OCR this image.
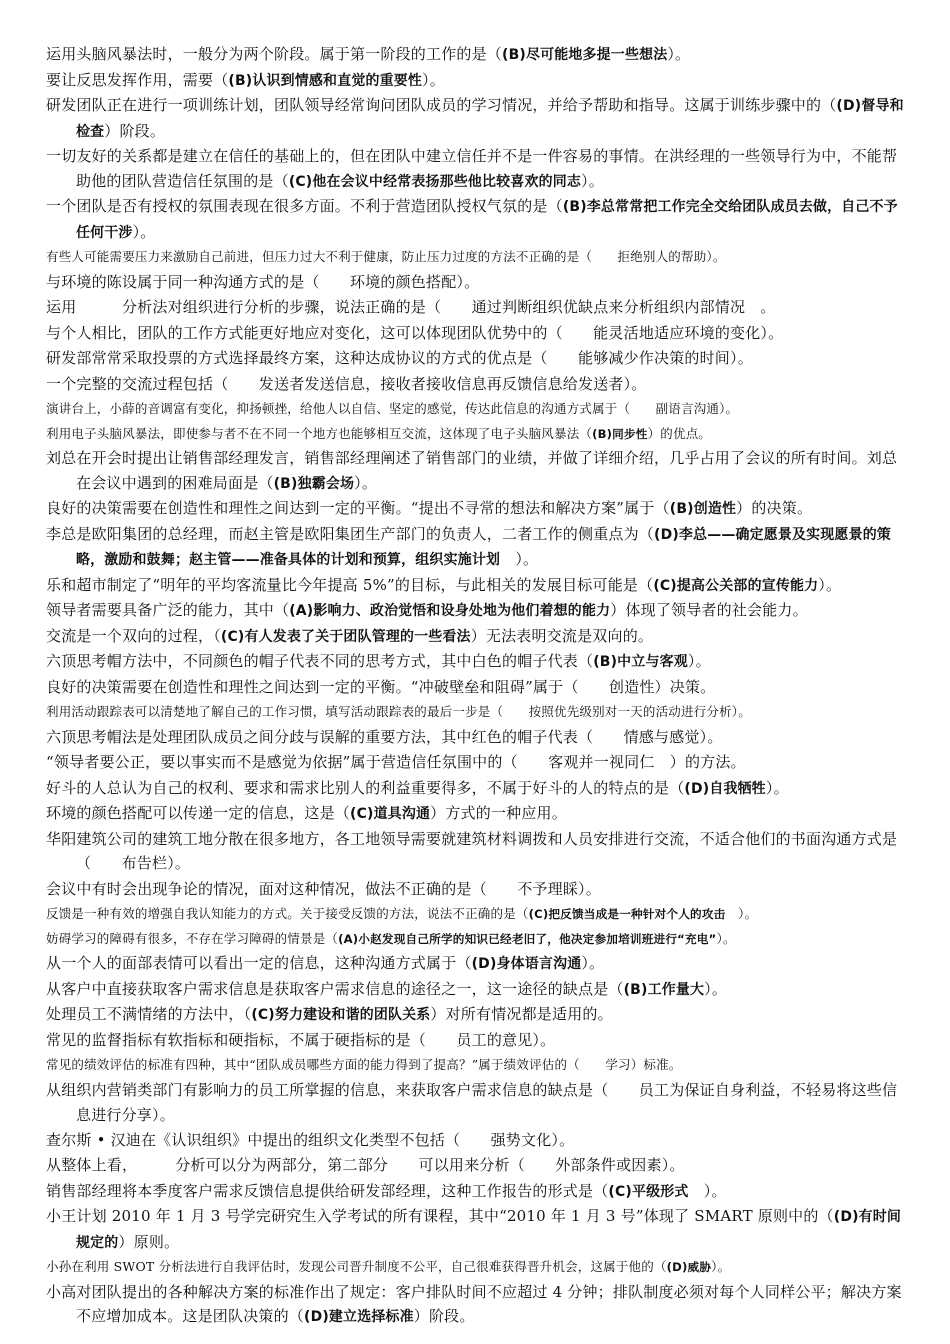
运用头脑风暴法时，一般分为两个阶段。属于第一阶段的工作的是（(B)尽可能地多提一些想法）。

要让反思发挥作用，需要（(B)认识到情感和直觉的重要性）。

研发团队正在进行一项训练计划，团队领导经常询问团队成员的学习情况，并给予帮助和指导。这属于训练步骤中的（(D)督导和检查）阶段。

一切友好的关系都是建立在信任的基础上的，但在团队中建立信任并不是一件容易的事情。在洪经理的一些领导行为中，不能帮助他的团队营造信任氛围的是（(C)他在会议中经常表扬那些他比较喜欢的同志）。

一个团队是否有授权的氛围表现在很多方面。不利于营造团队授权气氛的是（(B)李总常常把工作完全交给团队成员去做，自己不予任何干涉）。

有些人可能需要压力来激励自己前进，但压力过大不利于健康，防止压力过度的方法不正确的是（　　拒绝别人的帮助）。

与环境的陈设属于同一种沟通方式的是（　　环境的颜色搭配）。

运用　　　分析法对组织进行分析的步骤，说法正确的是（　　通过判断组织优缺点来分析组织内部情况　。

与个人相比，团队的工作方式能更好地应对变化，这可以体现团队优势中的（　　能灵活地适应环境的变化）。

研发部常常采取投票的方式选择最终方案，这种达成协议的方式的优点是（　　能够减少作决策的时间）。

一个完整的交流过程包括（　　发送者发送信息，接收者接收信息再反馈信息给发送者）。

演讲台上，小薛的音调富有变化，抑扬顿挫，给他人以自信、坚定的感觉，传达此信息的沟通方式属于（　　副语言沟通）。

利用电子头脑风暴法，即使参与者不在不同一个地方也能够相互交流，这体现了电子头脑风暴法（(B)同步性）的优点。

刘总在开会时提出让销售部经理发言，销售部经理阐述了销售部门的业绩，并做了详细介绍，几乎占用了会议的所有时间。刘总在会议中遇到的困难局面是（(B)独霸会场）。

良好的决策需要在创造性和理性之间达到一定的平衡。“提出不寻常的想法和解决方案”属于（(B)创造性）的决策。

李总是欧阳集团的总经理，而赵主管是欧阳集团生产部门的负责人，二者工作的侧重点为（(D)李总——确定愿景及实现愿景的策略，激励和鼓舞；赵主管——准备具体的计划和预算，组织实施计划　）。

乐和超市制定了“明年的平均客流量比今年提高 5%”的目标，与此相关的发展目标可能是（(C)提高公关部的宣传能力）。

领导者需要具备广泛的能力，其中（(A)影响力、政治觉悟和设身处地为他们着想的能力）体现了领导者的社会能力。

交流是一个双向的过程，（(C)有人发表了关于团队管理的一些看法）无法表明交流是双向的。

六顶思考帽方法中，不同颜色的帽子代表不同的思考方式，其中白色的帽子代表（(B)中立与客观）。

良好的决策需要在创造性和理性之间达到一定的平衡。“冲破壁垒和阻碍”属于（　　创造性）决策。

利用活动跟踪表可以清楚地了解自己的工作习惯，填写活动跟踪表的最后一步是（　　按照优先级别对一天的活动进行分析）。

六顶思考帽法是处理团队成员之间分歧与误解的重要方法，其中红色的帽子代表（　　情感与感觉）。

“领导者要公正，要以事实而不是感觉为依据”属于营造信任氛围中的（　　客观并一视同仁　）的方法。

好斗的人总认为自己的权利、要求和需求比别人的利益重要得多，不属于好斗的人的特点的是（(D)自我牺牲）。

环境的颜色搭配可以传递一定的信息，这是（(C)道具沟通）方式的一种应用。

华阳建筑公司的建筑工地分散在很多地方，各工地领导需要就建筑材料调拨和人员安排进行交流，不适合他们的书面沟通方式是（　　布告栏）。

会议中有时会出现争论的情况，面对这种情况，做法不正确的是（　　不予理睬）。

反馈是一种有效的增强自我认知能力的方式。关于接受反馈的方法，说法不正确的是（(C)把反馈当成是一种针对个人的攻击　）。

妨碍学习的障碍有很多，不存在学习障碍的情景是（(A)小赵发现自己所学的知识已经老旧了，他决定参加培训班进行“充电”）。

从一个人的面部表情可以看出一定的信息，这种沟通方式属于（(D)身体语言沟通）。

从客户中直接获取客户需求信息是获取客户需求信息的途径之一，这一途径的缺点是（(B)工作量大）。

处理员工不满情绪的方法中，（(C)努力建设和谐的团队关系）对所有情况都是适用的。

常见的监督指标有软指标和硬指标，不属于硬指标的是（　　员工的意见）。

常见的绩效评估的标准有四种，其中“团队成员哪些方面的能力得到了提高？”属于绩效评估的（　　学习）标准。

从组织内营销类部门有影响力的员工所掌握的信息，来获取客户需求信息的缺点是（　　员工为保证自身利益，不轻易将这些信息进行分享）。

查尔斯 • 汉迪在《认识组织》中提出的组织文化类型不包括（　　强势文化）。

从整体上看，　　　分析可以分为两部分，第二部分　　可以用来分析（　　外部条件或因素）。

销售部经理将本季度客户需求反馈信息提供给研发部经理，这种工作报告的形式是（(C)平级形式　）。

小王计划 2010 年 1 月 3 号学完研究生入学考试的所有课程，其中“2010 年 1 月 3 号”体现了 SMART 原则中的（(D)有时间规定的）原则。

小孙在利用 SWOT 分析法进行自我评估时，发现公司晋升制度不公平，自己很难获得晋升机会，这属于他的（(D)威胁）。

小高对团队提出的各种解决方案的标准作出了规定：客户排队时间不应超过 4 分钟；排队制度必须对每个人同样公平；解决方案不应增加成本。这是团队决策的（(D)建立选择标准）阶段。
